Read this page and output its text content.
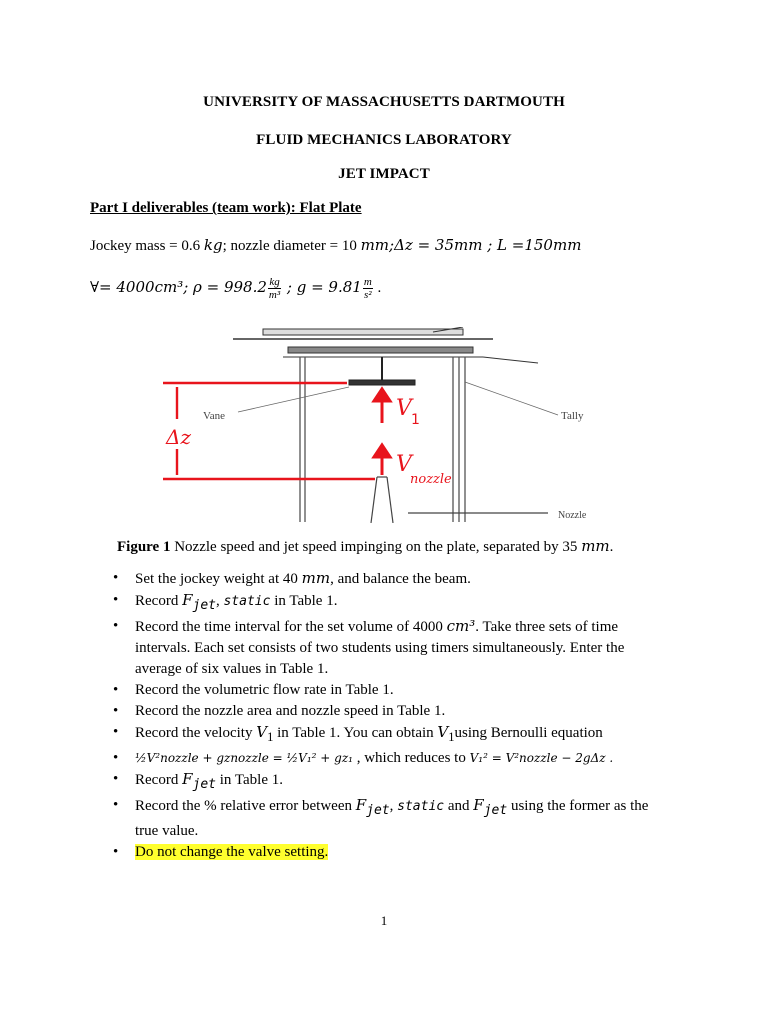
UNIVERSITY OF MASSACHUSETTS DARTMOUTH
FLUID MECHANICS LABORATORY
JET IMPACT
Part I deliverables (team work): Flat Plate
Jockey mass = 0.6 kg; nozzle diameter = 10 mm;Δz = 35mm ; L =150mm
∀= 4000cm³; $\rho = 998.2 \frac{kg}{\text{m³}}$ ; $g = 9.81 \frac{m}{\text{s²}}$ .
Vane	Tally
Nozzle
Δz
V 1
V
nozzle
Figure 1 Nozzle speed and jet speed impinging on the plate, separated by 35 mm.
• Set the jockey weight at 40 mm, and balance the beam.
• Record $F_{jet}$, static in Table 1.
• Record the time interval for the set volume of 4000 cm³. Take three sets of time intervals. Each set consists of two students using timers simultaneously. Enter the average of six values in Table 1.
• Record the volumetric flow rate in Table 1.
• Record the nozzle area and nozzle speed in Table 1.
• Record the velocity $V_1$ in Table 1. You can obtain $V_1using$ Bernoulli equation
• ½V²nozzle + gznozzle = ½V₁² + gz₁ , which reduces to V₁² = V²nozzle − 2gΔz .
• Record $F_{jet}$ in Table 1.
• Record the % relative error between $F_{jet}$, static and $F_{jet}$ using the former as the true value.
• Do not change the valve setting.
1
